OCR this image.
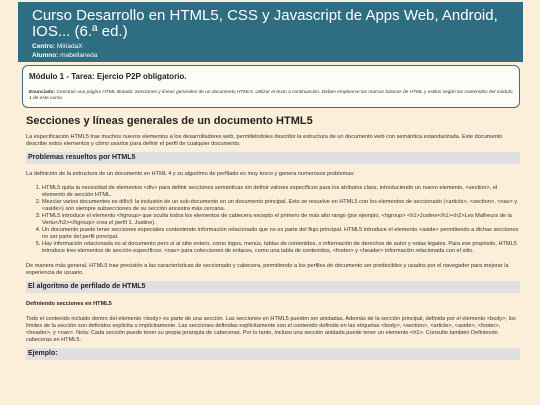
Curso Desarrollo en HTML5, CSS y Javascript de Apps Web, Android, IOS... (6.ª ed.)
Centro: MiriadaX
Alumno: mabellaneda
Módulo 1 - Tarea: Ejercio P2P obligatorio.
Enunciado: Construir una página HTML titulada: Secciones y líneas generales de un documento HTML5. Utilizar el texto a continuación. Deben emplearse las marcas básicas de HTML y estilos según los contenidos del módulo 1 de este curso.
Secciones y líneas generales de un documento HTML5

La especificación HTML5 trae muchos nuevos elementos a los desarrolladores web, permitiéndoles describir la estructura de un documento web con semántica estandarizada. Este documento describe estos elementos y cómo usarlos para definir el perfil de cualquier documento.

Problemas resueltos por HTML5

La definición de la estructura de un documento en HTML 4 y su algoritmo de perfilado es muy tosco y genera numerosos problemas:

1. HTML5 quita la necesidad de elementos <div> para definir secciones semánticas sin definir valores específicos para los atributos class, introduciendo un nuevo elemento, <section>, el elemento de sección HTML.
2. Mezclar varios documentes es difícil: la inclusión de un sub-documento en un documento principal. Esto se resuelve en HTML5 con los elementos de seccionado (<article>, <section>, <nav> y <aside>) son siempre subsecciones de su sección ancestra más cercana.
3. HTML5 introduce el elemento <hgroup> que oculta todos los elementos de cabecera excepto el primero de más alto rango (por ejemplo, <hgroup> <h1>Justine</h1><h2>Les Malheurs de la Vertu</h2></hgroup> crea el perfil 1. Justine).
4. Un documento puede tener secciones especiales conteniendo información relacionado que no es parte del flujo principal. HTML5 introduce el elemento <aside> permitiendo a dichas secciones no ser parte del perfil principal.
5. Hay información relacionada no al documento pero sí al sitio entero, como logos, menús, tablas de contenidos, o información de derechos de autor y notas legales. Para ese propósito, HTML5 introduce tres elementos de sección específicos: <nav> para colecciones de enlaces, como una tabla de contenidos, <footer> y <header> información relacionada con el sitio.

De manera más general, HTML5 trae precisión a las características de seccionado y cabecera, permitiendo a los perfiles de documento ser predecibles y usados por el navegador para mejorar la experiencia de usuario.

El algoritmo de perfilado de HTML5
Definiendo secciones en HTML5

Todo el contenido incluido dentro del elemento <body> es parte de una sección. Las secciones en HTML5 pueden ser anidadas. Además de la sección principal, definida por el elemento <body>, los límites de la sección son definidos explícita o implícitamente. Las secciones definidas explícitamente son el contenido definido en las etiquetas <body>, <section>, <article>, <aside>, <footer>, <header>, y <nav>. Nota: Cada sección puede tener su propia jerarquía de cabeceras. Por lo tanto, incluso una sección anidada puede tener un elemento <h1>. Consulte también Definiendo cabeceras en HTML5.

Ejemplo:
